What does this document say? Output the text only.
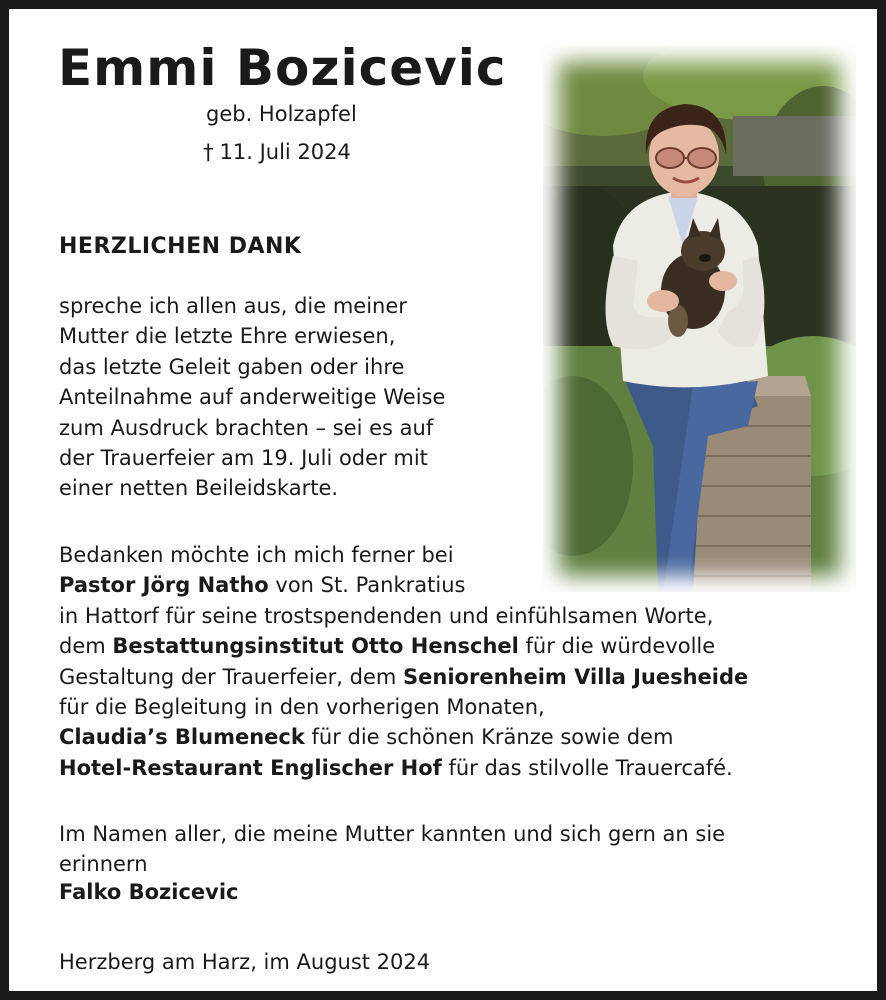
Emmi Bozicevic
geb. Holzapfel
† 11. Juli 2024
HERZLICHEN DANK

spreche ich allen aus, die meiner
Mutter die letzte Ehre erwiesen,
das letzte Geleit gaben oder ihre
Anteilnahme auf anderweitige Weise
zum Ausdruck brachten – sei es auf
der Trauerfeier am 19. Juli oder mit
einer netten Beileidskarte.

Bedanken möchte ich mich ferner bei
Pastor Jörg Natho von St. Pankratius
in Hattorf für seine trostspendenden und einfühlsamen Worte,
dem Bestattungsinstitut Otto Henschel für die würdevolle
Gestaltung der Trauerfeier, dem Seniorenheim Villa Juesheide
für die Begleitung in den vorherigen Monaten,
Claudia’s Blumeneck für die schönen Kränze sowie dem
Hotel-Restaurant Englischer Hof für das stilvolle Trauercafé.

Im Namen aller, die meine Mutter kannten und sich gern an sie
erinnern

Falko Bozicevic
Herzberg am Harz, im August 2024
